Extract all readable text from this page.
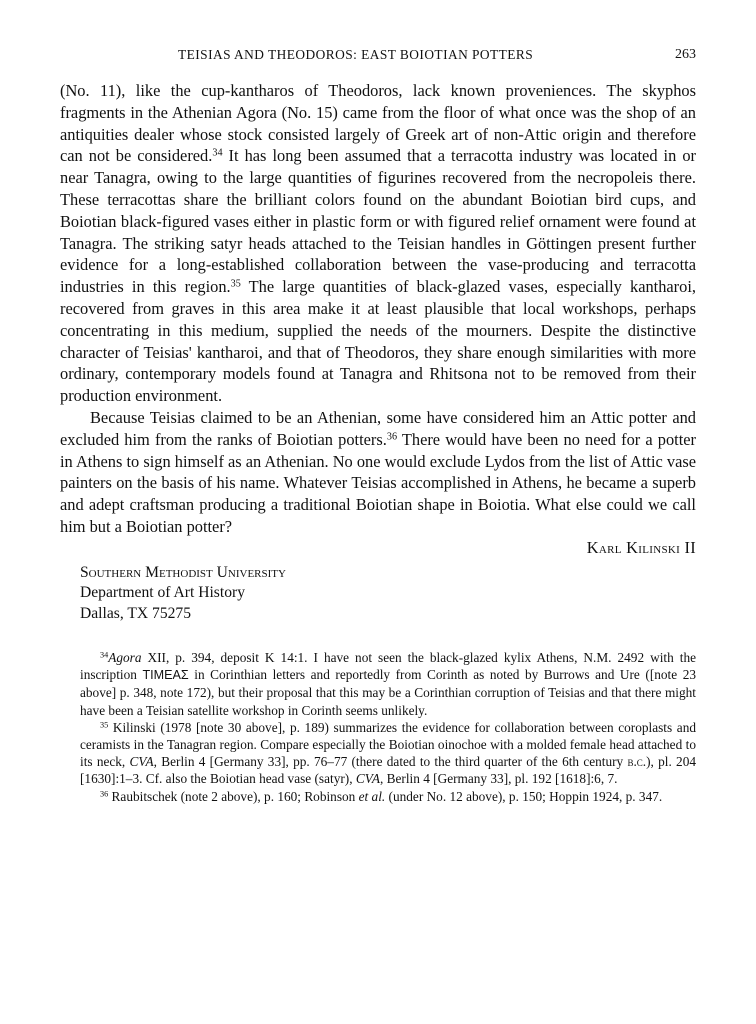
TEISIAS AND THEODOROS: EAST BOIOTIAN POTTERS	263

(No. 11), like the cup-kantharos of Theodoros, lack known proveniences. The skyphos fragments in the Athenian Agora (No. 15) came from the floor of what once was the shop of an antiquities dealer whose stock consisted largely of Greek art of non-Attic origin and therefore can not be considered.$^{34}$ It has long been assumed that a terracotta industry was located in or near Tanagra, owing to the large quantities of figurines recovered from the necropoleis there. These terracottas share the brilliant colors found on the abundant Boiotian bird cups, and Boiotian black-figured vases either in plastic form or with figured relief ornament were found at Tanagra. The striking satyr heads attached to the Teisian handles in Göttingen present further evidence for a long-established collaboration between the vase-producing and terracotta industries in this region.$^{35}$ The large quantities of black-glazed vases, especially kantharoi, recovered from graves in this area make it at least plausible that local workshops, perhaps concentrating in this medium, supplied the needs of the mourners. Despite the distinctive character of Teisias' kantharoi, and that of Theodoros, they share enough similarities with more ordinary, contemporary models found at Tanagra and Rhitsona not to be removed from their production environment.

Because Teisias claimed to be an Athenian, some have considered him an Attic potter and excluded him from the ranks of Boiotian potters.$^{36}$ There would have been no need for a potter in Athens to sign himself as an Athenian. No one would exclude Lydos from the list of Attic vase painters on the basis of his name. Whatever Teisias accomplished in Athens, he became a superb and adept craftsman producing a traditional Boiotian shape in Boiotia. What else could we call him but a Boiotian potter?

Karl Kilinski II
Southern Methodist University
Department of Art History
Dallas, TX 75275

$^{34}$Agora XII, p. 394, deposit K 14:1. I have not seen the black-glazed kylix Athens, N.M. 2492 with the inscription ΤΙΜΕΑΣ in Corinthian letters and reportedly from Corinth as noted by Burrows and Ure ([note 23 above] p. 348, note 172), but their proposal that this may be a Corinthian corruption of Teisias and that there might have been a Teisian satellite workshop in Corinth seems unlikely.

$^{35}$ Kilinski (1978 [note 30 above], p. 189) summarizes the evidence for collaboration between coroplasts and ceramists in the Tanagran region. Compare especially the Boiotian oinochoe with a molded female head attached to its neck, CVA, Berlin 4 [Germany 33], pp. 76–77 (there dated to the third quarter of the 6th century b.c.), pl. 204 [1630]:1–3. Cf. also the Boiotian head vase (satyr), CVA, Berlin 4 [Germany 33], pl. 192 [1618]:6, 7.

$^{36}$ Raubitschek (note 2 above), p. 160; Robinson et al. (under No. 12 above), p. 150; Hoppin 1924, p. 347.
